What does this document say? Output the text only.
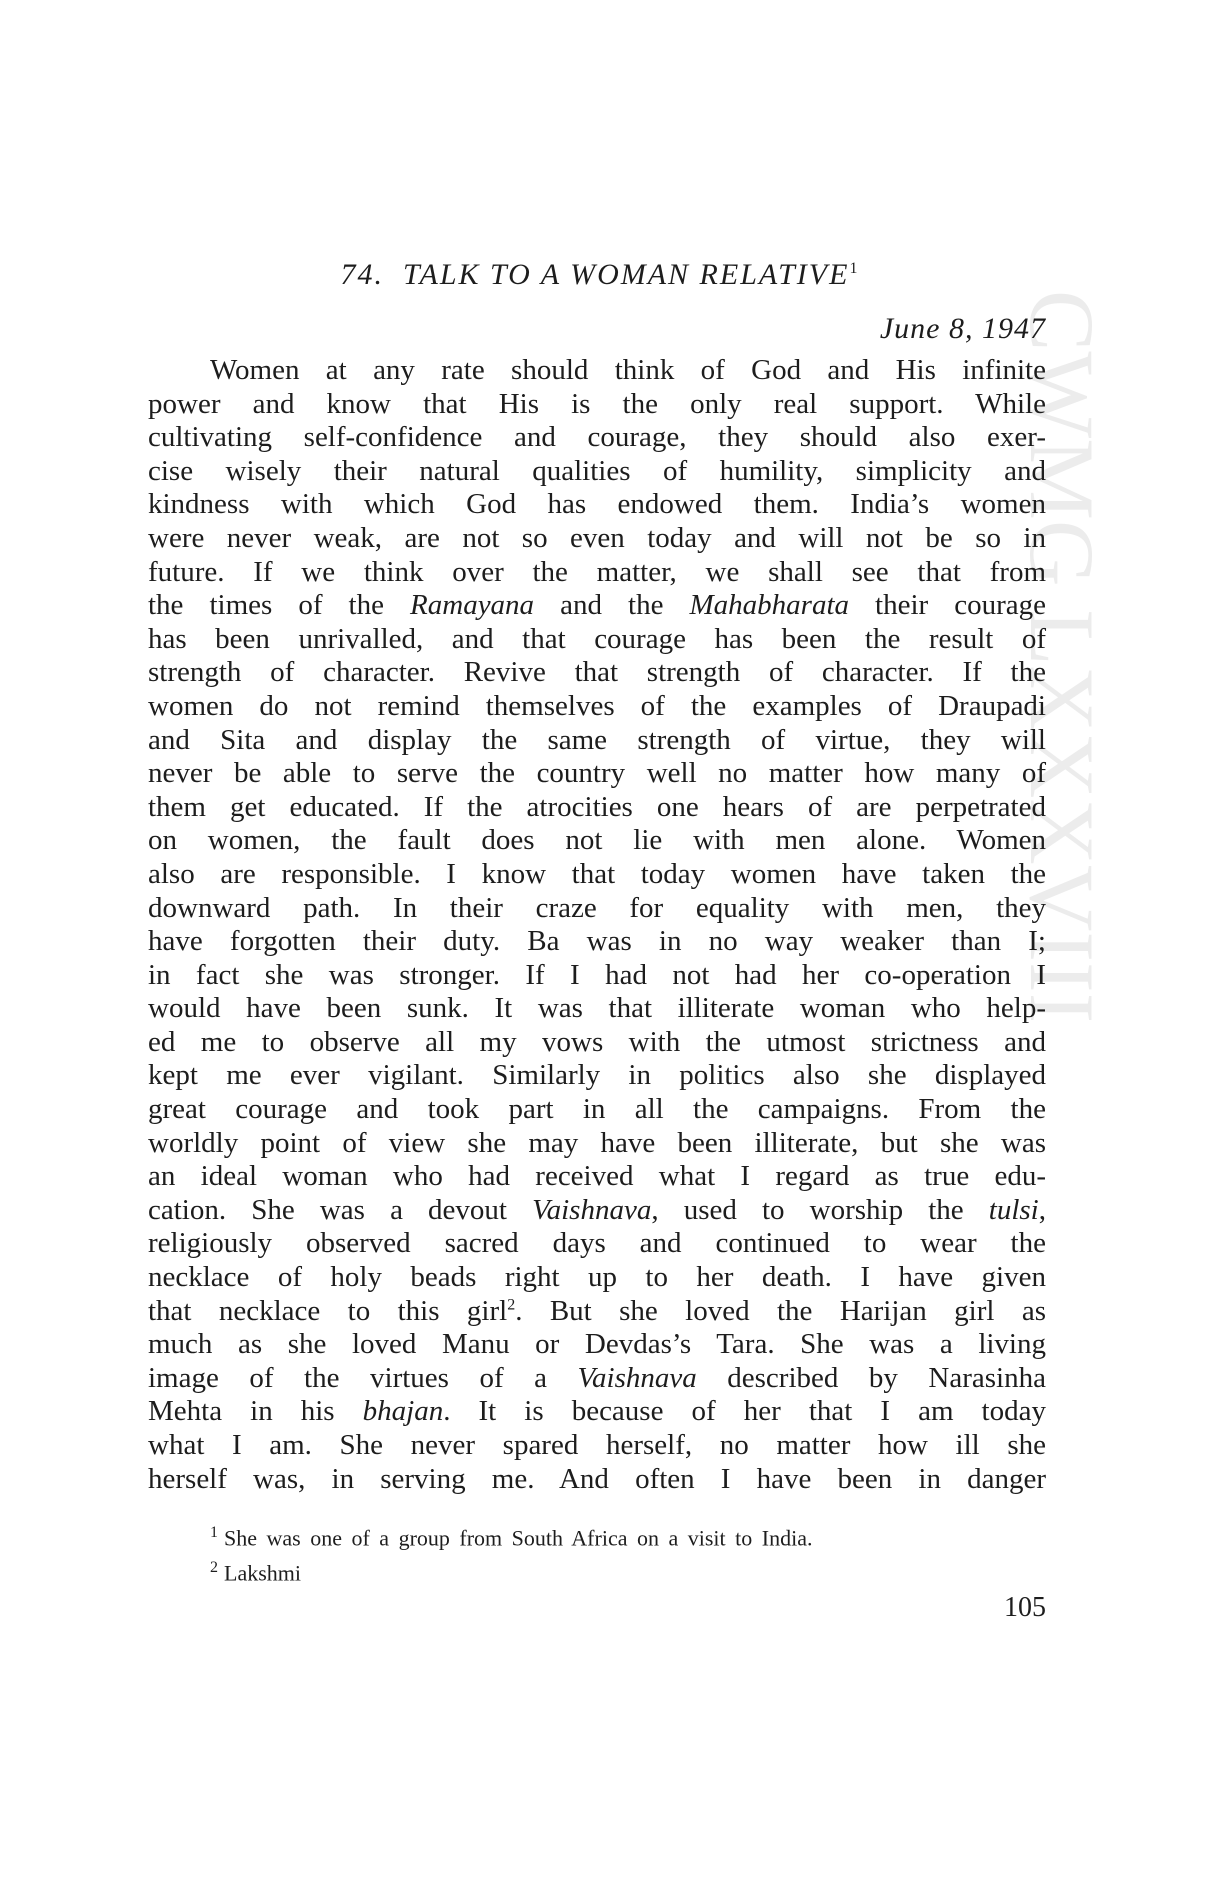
CWMG LXXXVIII
74. TALK TO A WOMAN RELATIVE$^1$
June 8, 1947
Women at any rate should think of God and His infinite
power and know that His is the only real support. While
cultivating self-confidence and courage, they should also exer-
cise wisely their natural qualities of humility, simplicity and
kindness with which God has endowed them. India’s women
were never weak, are not so even today and will not be so in
future. If we think over the matter, we shall see that from
the times of the Ramayana and the Mahabharata their courage
has been unrivalled, and that courage has been the result of
strength of character. Revive that strength of character. If the
women do not remind themselves of the examples of Draupadi
and Sita and display the same strength of virtue, they will
never be able to serve the country well no matter how many of
them get educated. If the atrocities one hears of are perpetrated
on women, the fault does not lie with men alone. Women
also are responsible. I know that today women have taken the
downward path. In their craze for equality with men, they
have forgotten their duty. Ba was in no way weaker than I;
in fact she was stronger. If I had not had her co-operation I
would have been sunk. It was that illiterate woman who help-
ed me to observe all my vows with the utmost strictness and
kept me ever vigilant. Similarly in politics also she displayed
great courage and took part in all the campaigns. From the
worldly point of view she may have been illiterate, but she was
an ideal woman who had received what I regard as true edu-
cation. She was a devout Vaishnava, used to worship the tulsi,
religiously observed sacred days and continued to wear the
necklace of holy beads right up to her death. I have given
that necklace to this girl$^2$. But she loved the Harijan girl as
much as she loved Manu or Devdas’s Tara. She was a living
image of the virtues of a Vaishnava described by Narasinha
Mehta in his bhajan. It is because of her that I am today
what I am. She never spared herself, no matter how ill she
herself was, in serving me. And often I have been in danger
$^1$ She was one of a group from South Africa on a visit to India.
$^2$ Lakshmi
105
